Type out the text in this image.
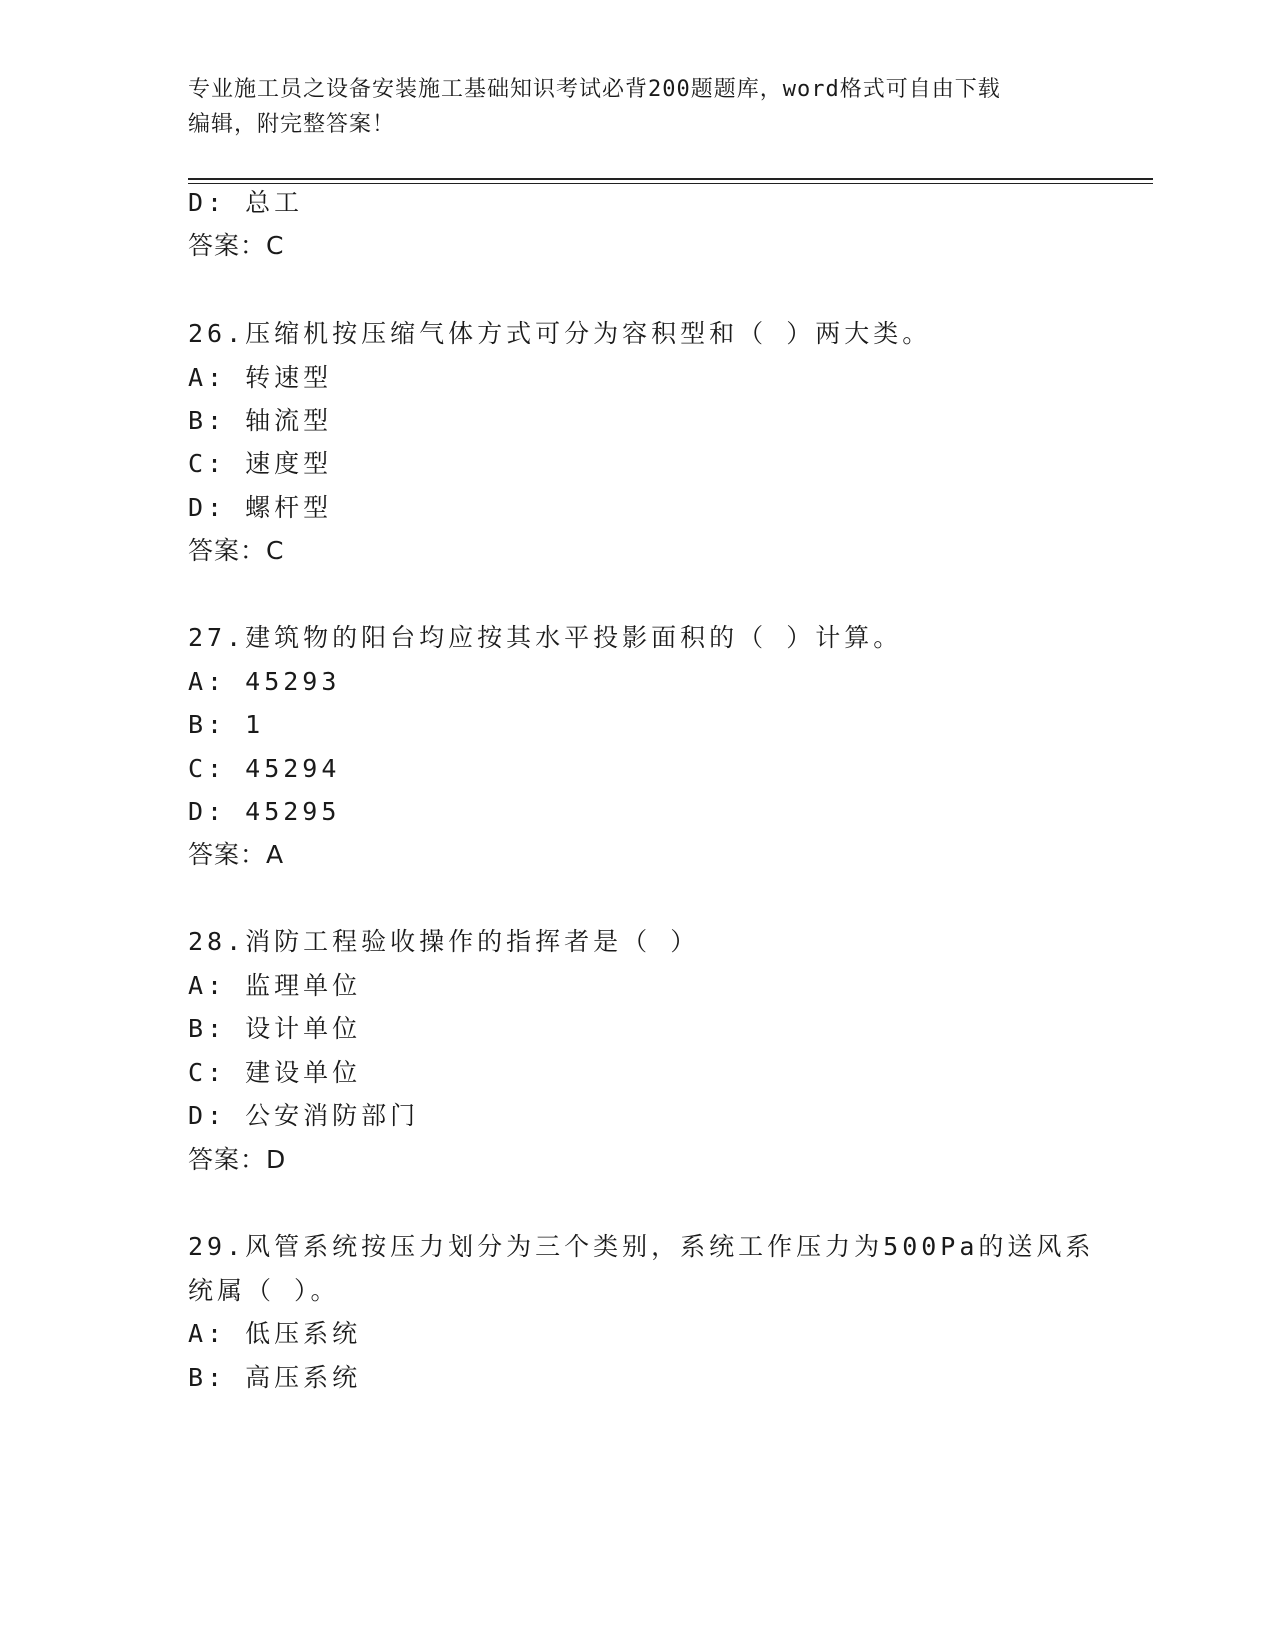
专业施工员之设备安装施工基础知识考试必背200题题库，word格式可自由下载
编辑，附完整答案！
D: 总工
答案：C
26.压缩机按压缩气体方式可分为容积型和（ ）两大类。
A: 转速型
B: 轴流型
C: 速度型
D: 螺杆型
答案：C
27.建筑物的阳台均应按其水平投影面积的（ ）计算。
A: 45293
B: 1
C: 45294
D: 45295
答案：A
28.消防工程验收操作的指挥者是（ ）
A: 监理单位
B: 设计单位
C: 建设单位
D: 公安消防部门
答案：D
29.风管系统按压力划分为三个类别，系统工作压力为500Pa的送风系
统属（ ）。
A: 低压系统
B: 高压系统
